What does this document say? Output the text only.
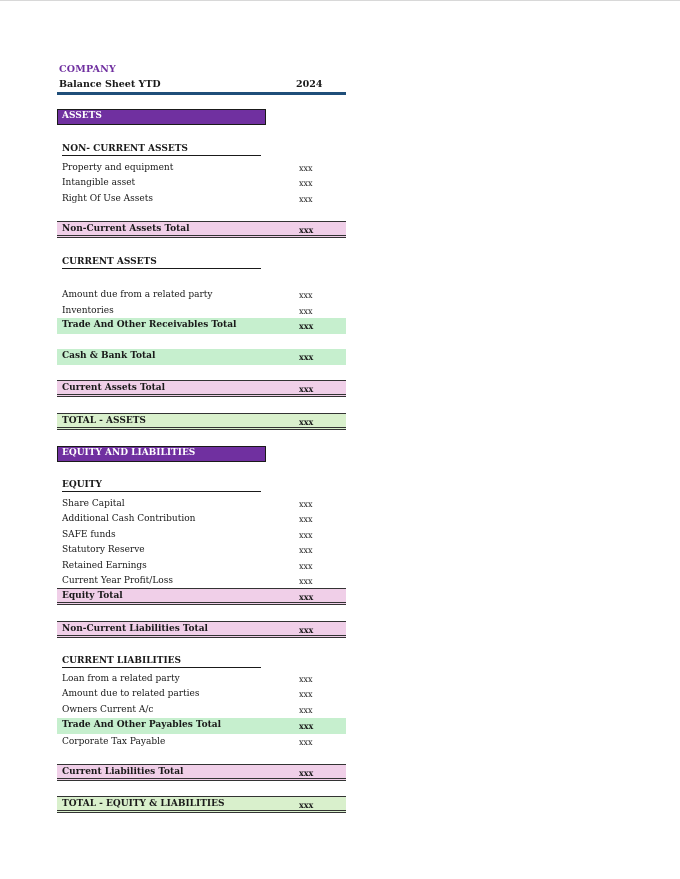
COMPANY
Balance Sheet YTD	2024
ASSETS
NON- CURRENT ASSETS
Property and equipment	xxx
Intangible asset	xxx
Right Of Use Assets	xxx
Non-Current Assets Total	xxx
CURRENT ASSETS
Amount due from a related party	xxx
Inventories	xxx
Trade And Other Receivables Total	xxx
Cash & Bank Total	xxx
Current Assets Total	xxx
TOTAL - ASSETS	xxx
EQUITY AND LIABILITIES
EQUITY
Share Capital	xxx
Additional Cash Contribution	xxx
SAFE funds	xxx
Statutory Reserve	xxx
Retained Earnings	xxx
Current Year Profit/Loss	xxx
Equity Total	xxx
Non-Current Liabilities Total	xxx
CURRENT LIABILITIES
Loan from a related party	xxx
Amount due to related parties	xxx
Owners Current A/c	xxx
Trade And Other Payables Total	xxx
Corporate Tax Payable	xxx
Current Liabilities Total	xxx
TOTAL - EQUITY & LIABILITIES	xxx
